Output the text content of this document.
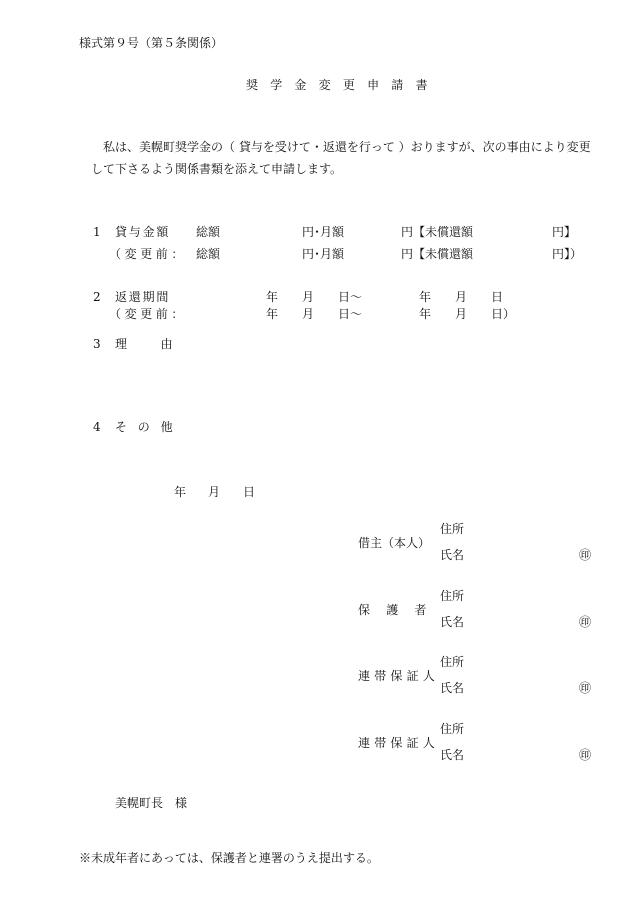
様式第９号（第５条関係）
奨 学 金 変 更 申 請 書
私は、美幌町奨学金の（ 貸与を受けて・返還を行って ）おりますが、次の事由により変更
して下さるよう関係書類を添えて申請します。
1 貸与金額 総額	円･月額	円【未償還額	円】
（変更前： 総額	円･月額	円【未償還額	円】）
2 返還期間	年 月 日〜	年 月 日
（変更前：	年 月 日〜	年 月 日）
3 理由
4 その他
年 月 日
借主（本人）
住所
氏名	㊞
保護者
住所
氏名	㊞
連帯保証人
住所
氏名	㊞
連帯保証人
住所
氏名	㊞
美幌町長　様
※未成年者にあっては、保護者と連署のうえ提出する。
